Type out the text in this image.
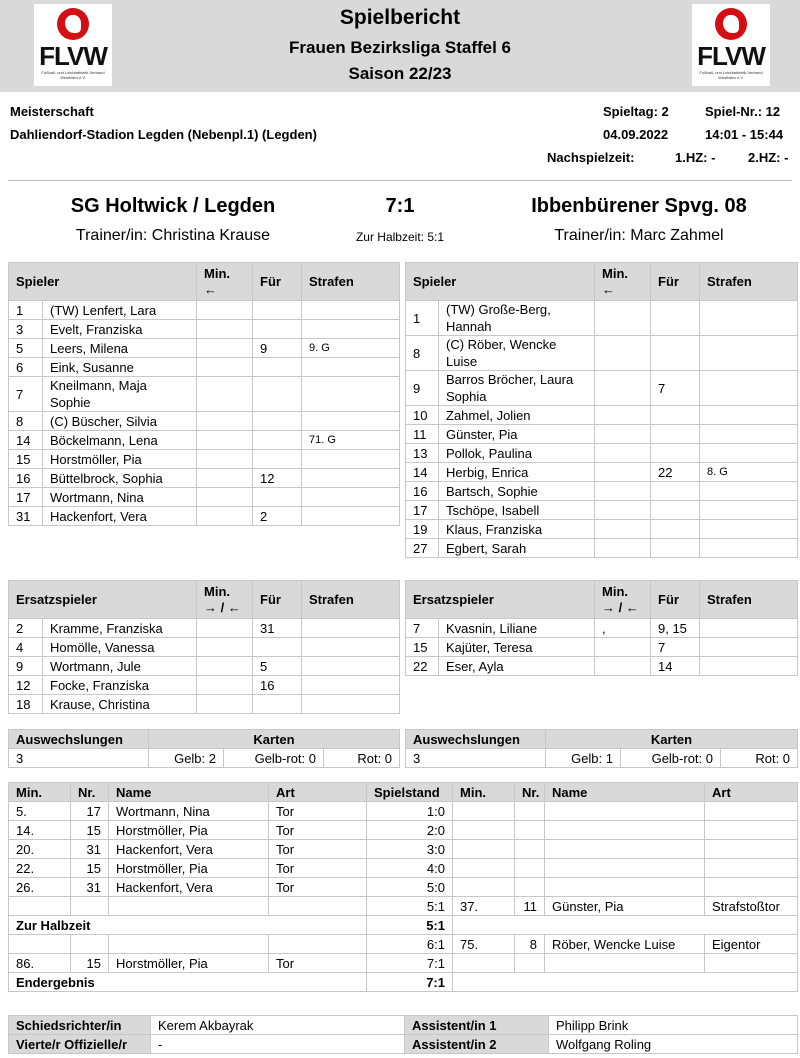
FLVW
Fußball- und Leichtathletik-Verband Westfalen e.V.
Spielbericht
Frauen Bezirksliga Staffel 6
Saison 22/23
FLVW
Fußball- und Leichtathletik-Verband Westfalen e.V.
Meisterschaft
Dahliendorf-Stadion Legden (Nebenpl.1) (Legden)
Spieltag: 2	Spiel-Nr.: 12
04.09.2022	14:01 - 15:44
Nachspielzeit:	1.HZ: -	2.HZ: -
SG Holtwick / Legden	7:1	Ibbenbürener Spvg. 08
Trainer/in: Christina Krause	Zur Halbzeit: 5:1	Trainer/in: Marc Zahmel
Spieler		Min.
←	Für	Strafen
1	(TW) Lenfert, Lara			
3	Evelt, Franziska			
5	Leers, Milena		9	9. G
6	Eink, Susanne			
7	Kneilmann, Maja Sophie			
8	(C) Büscher, Silvia			
14	Böckelmann, Lena			71. G
15	Horstmöller, Pia			
16	Büttelbrock, Sophia		12	
17	Wortmann, Nina			
31	Hackenfort, Vera		2	
Spieler		Min.
←	Für	Strafen
1	(TW) Große-Berg, Hannah			
8	(C) Röber, Wencke Luise			
9	Barros Bröcher, Laura Sophia		7	
10	Zahmel, Jolien			
11	Günster, Pia			
13	Pollok, Paulina			
14	Herbig, Enrica		22	8. G
16	Bartsch, Sophie			
17	Tschöpe, Isabell			
19	Klaus, Franziska			
27	Egbert, Sarah			
Ersatzspieler		Min.
→ / ←	Für	Strafen
2	Kramme, Franziska		31	
4	Homölle, Vanessa			
9	Wortmann, Jule		5	
12	Focke, Franziska		16	
18	Krause, Christina			
Ersatzspieler		Min.
→ / ←	Für	Strafen
7	Kvasnin, Liliane	,	9, 15	
15	Kajüter, Teresa		7	
22	Eser, Ayla		14	
Auswechslungen	Karten		
3	Gelb: 2	Gelb-rot: 0	Rot: 0
Auswechslungen	Karten		
3	Gelb: 1	Gelb-rot: 0	Rot: 0
Min.	Nr.	Name	Art	Spielstand	Min.	Nr.	Name	Art
5.	17	Wortmann, Nina	Tor	1:0				
14.	15	Horstmöller, Pia	Tor	2:0				
20.	31	Hackenfort, Vera	Tor	3:0				
22.	15	Horstmöller, Pia	Tor	4:0				
26.	31	Hackenfort, Vera	Tor	5:0				
				5:1	37.	11	Günster, Pia	Strafstoßtor
Zur Halbzeit				5:1				
				6:1	75.	8	Röber, Wencke Luise	Eigentor
86.	15	Horstmöller, Pia	Tor	7:1				
Endergebnis				7:1				
Schiedsrichter/in	Kerem Akbayrak	Assistent/in 1	Philipp Brink
Vierte/r Offizielle/r	-	Assistent/in 2	Wolfgang Roling
